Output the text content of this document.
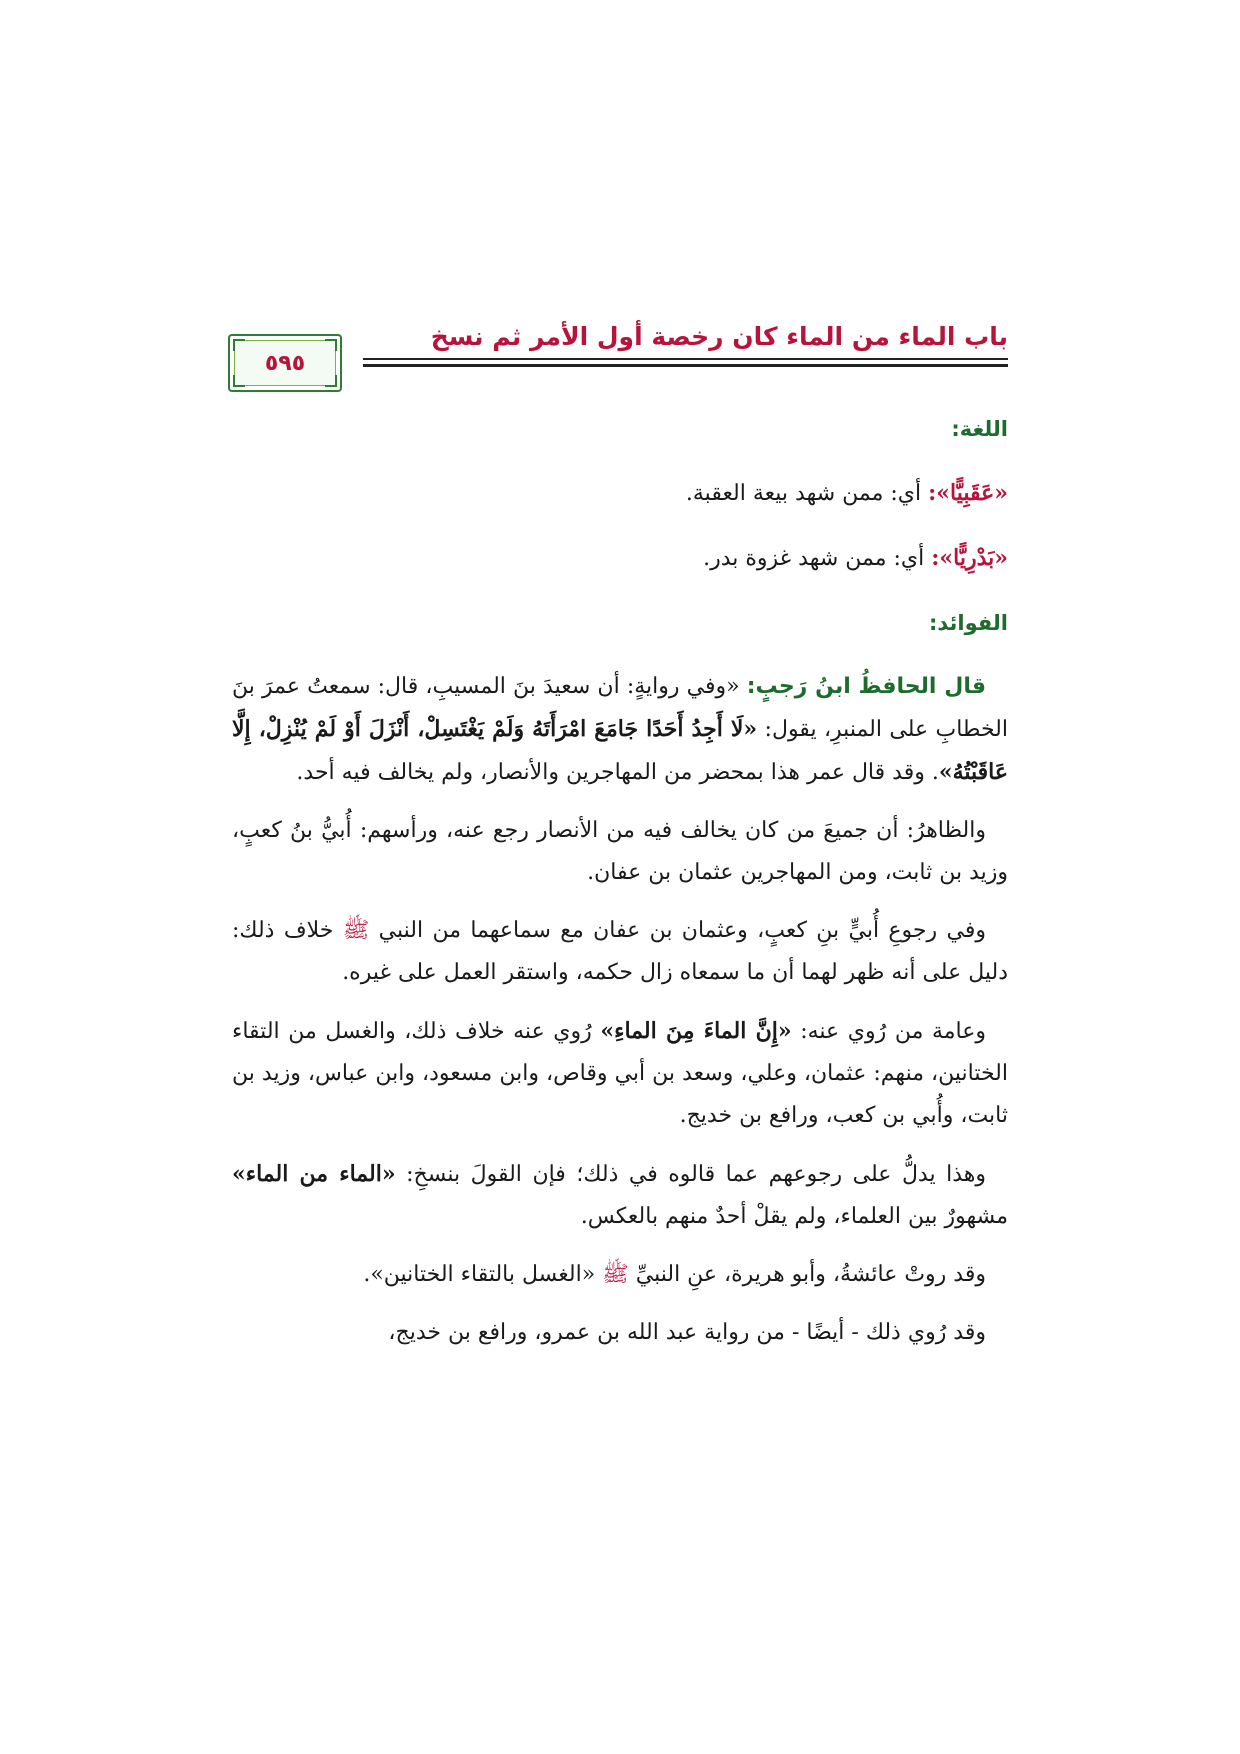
٥٩٥
باب الماء من الماء كان رخصة أول الأمر ثم نسخ
اللغة:
«عَقَبِيًّا»: أي: ممن شهد بيعة العقبة.
«بَدْرِيًّا»: أي: ممن شهد غزوة بدر.
الفوائد:

قال الحافظُ ابنُ رَجبٍ: «وفي روايةٍ: أن سعيدَ بنَ المسيبِ، قال: سمعتُ عمرَ بنَ الخطابِ على المنبرِ، يقول: «لَا أَجِدُ أَحَدًا جَامَعَ امْرَأَتَهُ وَلَمْ يَغْتَسِلْ، أَنْزَلَ أَوْ لَمْ يُنْزِلْ، إِلَّا عَاقَبْتُهُ». وقد قال عمر هذا بمحضر من المهاجرين والأنصار، ولم يخالف فيه أحد.

والظاهرُ: أن جميعَ من كان يخالف فيه من الأنصار رجع عنه، ورأسهم: أُبيُّ بنُ كعبٍ، وزيد بن ثابت، ومن المهاجرين عثمان بن عفان.

وفي رجوعِ أُبيٍّ بنِ كعبٍ، وعثمان بن عفان مع سماعهما من النبي ﷺ خلاف ذلك: دليل على أنه ظهر لهما أن ما سمعاه زال حكمه، واستقر العمل على غيره.

وعامة من رُوي عنه: «إِنَّ الماءَ مِنَ الماءِ» رُوي عنه خلاف ذلك، والغسل من التقاء الختانين، منهم: عثمان، وعلي، وسعد بن أبي وقاص، وابن مسعود، وابن عباس، وزيد بن ثابت، وأُبي بن كعب، ورافع بن خديج.

وهذا يدلُّ على رجوعهم عما قالوه في ذلك؛ فإن القولَ بنسخِ: «الماء من الماء» مشهورٌ بين العلماء، ولم يقلْ أحدٌ منهم بالعكس.

وقد روتْ عائشةُ، وأبو هريرة، عنِ النبيِّ ﷺ «الغسل بالتقاء الختانين».

وقد رُوي ذلك - أيضًا - من رواية عبد الله بن عمرو، ورافع بن خديج،
